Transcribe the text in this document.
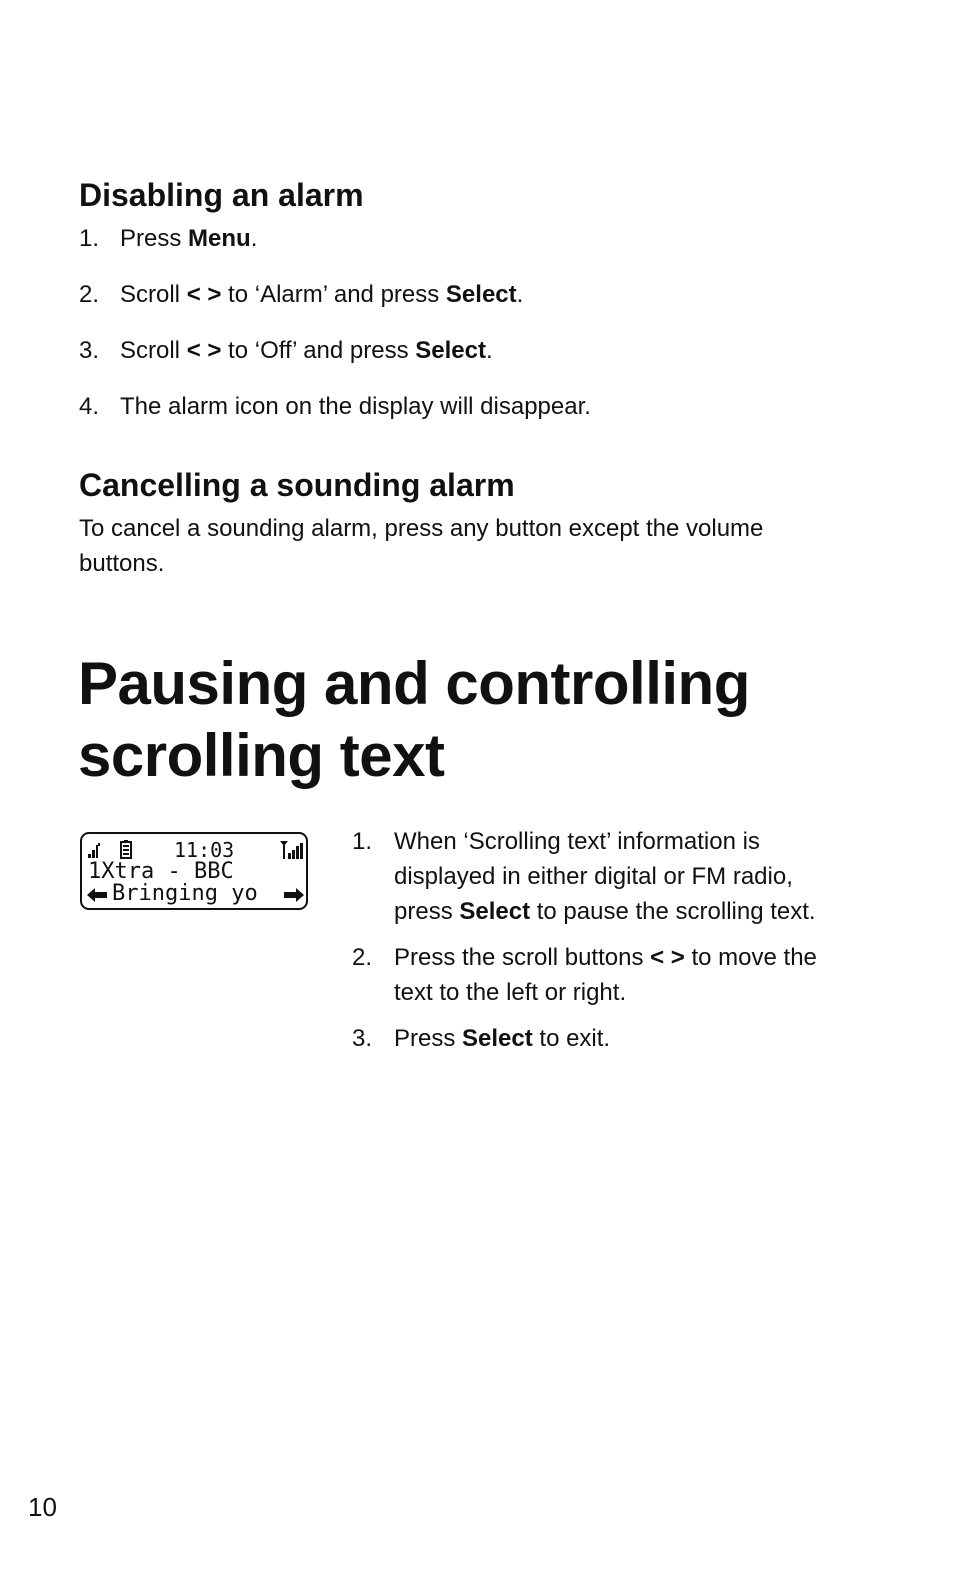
Disabling an alarm
1. Press Menu.
2. Scroll < > to ‘Alarm’ and press Select.
3. Scroll < > to ‘Off’ and press Select.
4. The alarm icon on the display will disappear.
Cancelling a sounding alarm

To cancel a sounding alarm, press any button except the volume buttons.

Pausing and controlling
scrolling text
11:03
1Xtra - BBC
Bringing yo
1. When ‘Scrolling text’ information is displayed in either digital or FM radio, press Select to pause the scrolling text.
2. Press the scroll buttons < > to move the text to the left or right.
3. Press Select to exit.
10
